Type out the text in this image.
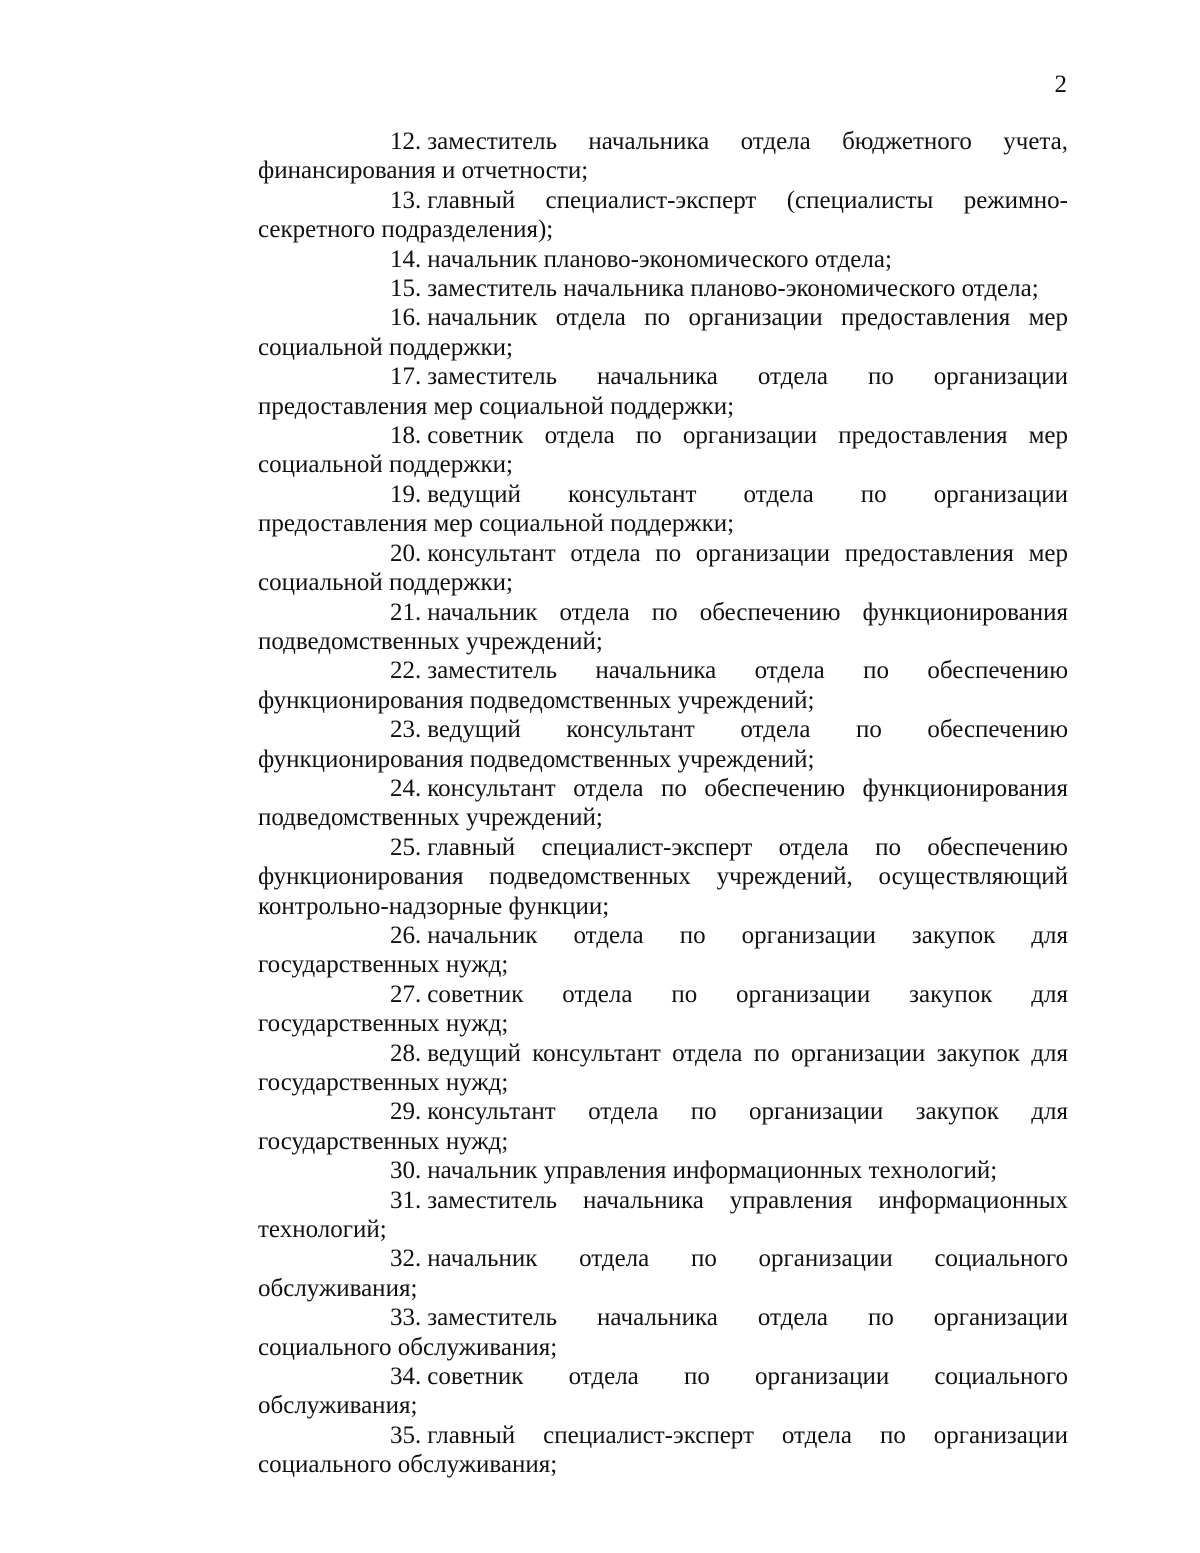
2

12. заместитель начальника отдела бюджетного учета, финансирования и отчетности;

13. главный специалист-эксперт (специалисты режимно-секретного подразделения);

14. начальник планово-экономического отдела;

15. заместитель начальника планово-экономического отдела;

16. начальник отдела по организации предоставления мер социальной поддержки;

17. заместитель начальника отдела по организации предоставления мер социальной поддержки;

18. советник отдела по организации предоставления мер социальной поддержки;

19. ведущий консультант отдела по организации предоставления мер социальной поддержки;

20. консультант отдела по организации предоставления мер социальной поддержки;

21. начальник отдела по обеспечению функционирования подведомственных учреждений;

22. заместитель начальника отдела по обеспечению функционирования подведомственных учреждений;

23. ведущий консультант отдела по обеспечению функционирования подведомственных учреждений;

24. консультант отдела по обеспечению функционирования подведомственных учреждений;

25. главный специалист-эксперт отдела по обеспечению функционирования подведомственных учреждений, осуществляющий контрольно-надзорные функции;

26. начальник отдела по организации закупок для государственных нужд;

27. советник отдела по организации закупок для государственных нужд;

28. ведущий консультант отдела по организации закупок для государственных нужд;

29. консультант отдела по организации закупок для государственных нужд;

30. начальник управления информационных технологий;

31. заместитель начальника управления информационных технологий;

32. начальник отдела по организации социального обслуживания;

33. заместитель начальника отдела по организации социального обслуживания;

34. советник отдела по организации социального обслуживания;

35. главный специалист-эксперт отдела по организации социального обслуживания;
